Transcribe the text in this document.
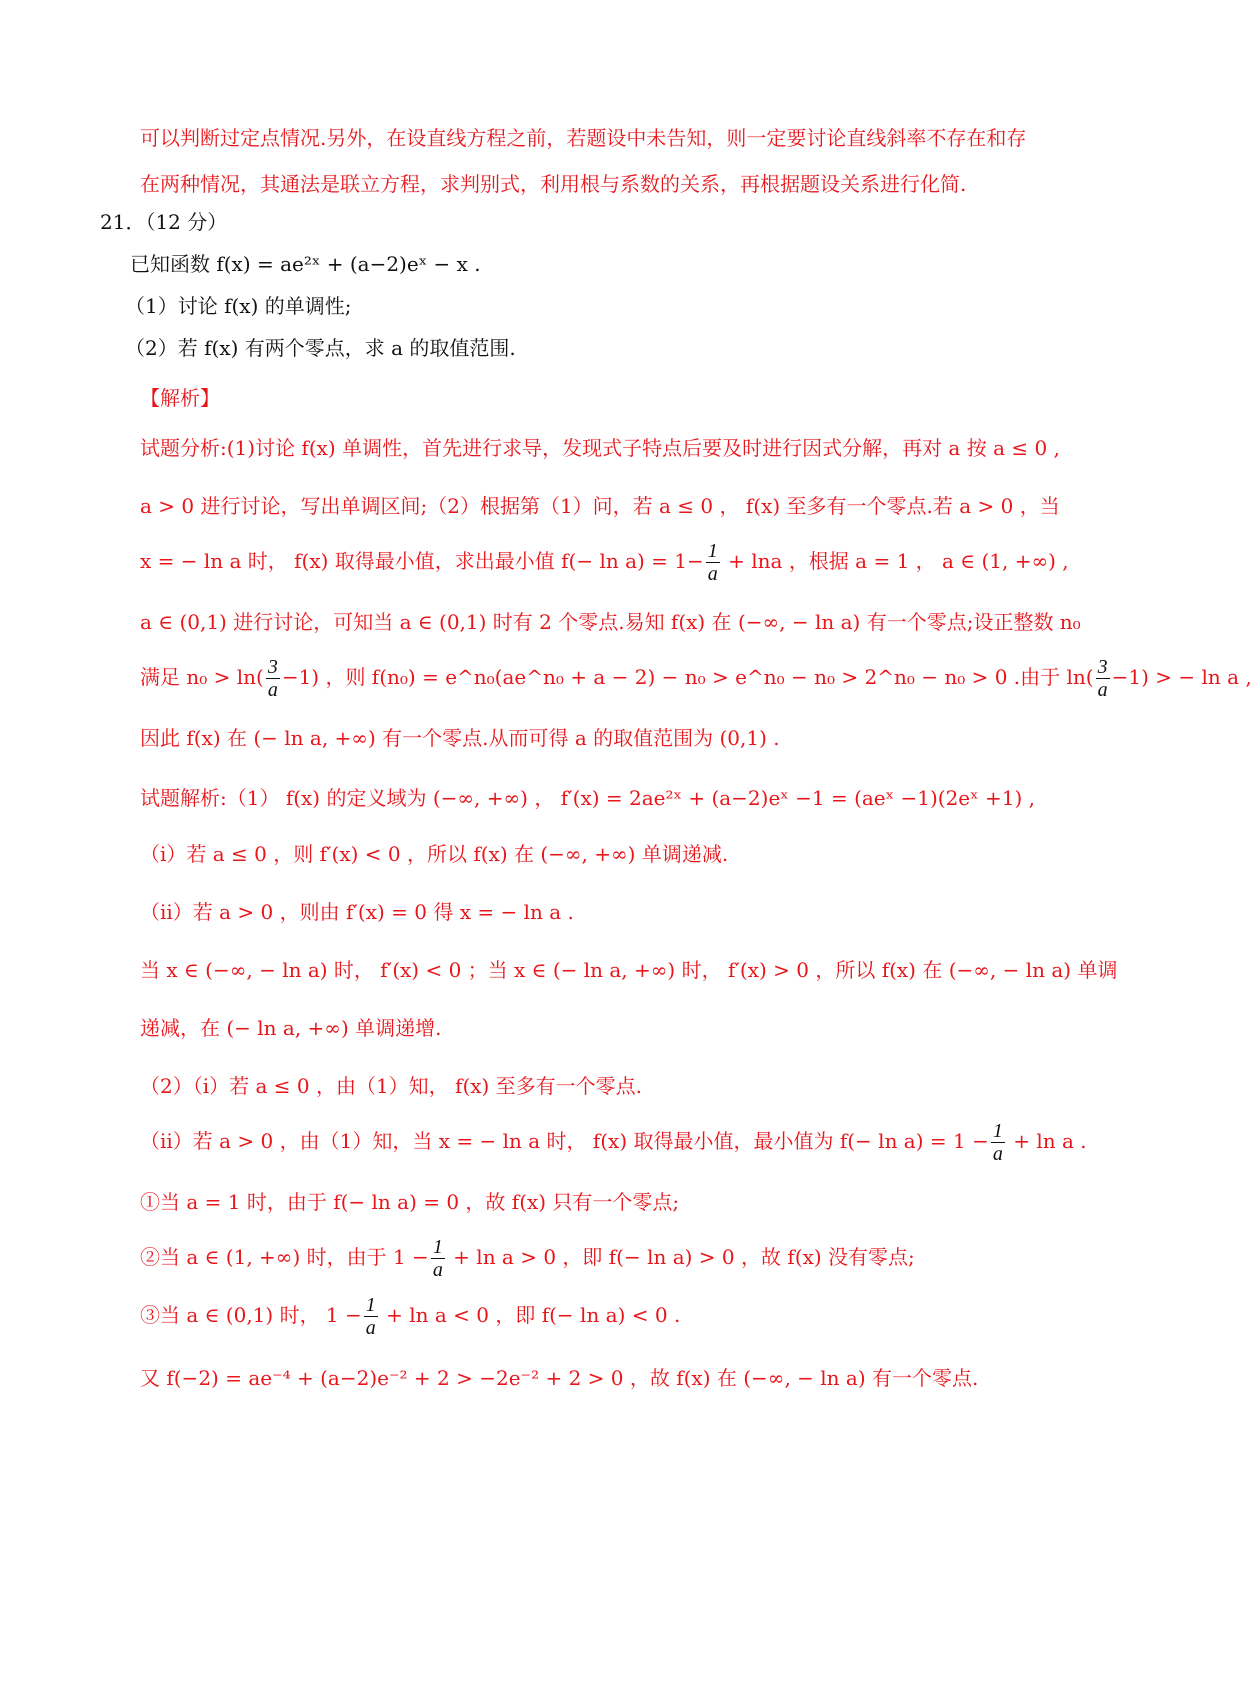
可以判断过定点情况.另外，在设直线方程之前，若题设中未告知，则一定要讨论直线斜率不存在和存
在两种情况，其通法是联立方程，求判别式，利用根与系数的关系，再根据题设关系进行化简.
21．（12 分）
已知函数 f(x) = ae²ˣ + (a−2)eˣ − x .
（1）讨论 f(x) 的单调性;
（2）若 f(x) 有两个零点，求 a 的取值范围.
【解析】
试题分析:(1)讨论 f(x) 单调性，首先进行求导，发现式子特点后要及时进行因式分解，再对 a 按 a ≤ 0 ,
a > 0 进行讨论，写出单调区间;（2）根据第（1）问，若 a ≤ 0 ， f(x) 至多有一个零点.若 a > 0 ，当
x = − ln a 时， f(x) 取得最小值，求出最小值 $f(- \ln a) = 1- \frac{1}{a} + \ln a$ ，根据 a = 1 ， a ∈ (1, +∞) ,
a ∈ (0,1) 进行讨论，可知当 a ∈ (0,1) 时有 2 个零点.易知 f(x) 在 (−∞, − ln a) 有一个零点;设正整数 n₀
满足 $n_0 > \ln( \frac{3}{a} -1)$ ，则 f(n₀) = e^n₀(ae^n₀ + a − 2) − n₀ > e^n₀ − n₀ > 2^n₀ − n₀ > 0 .由于 $\ln( \frac{3}{a} -1)$ > − ln a ,
因此 f(x) 在 (− ln a, +∞) 有一个零点.从而可得 a 的取值范围为 (0,1) .
试题解析:（1） f(x) 的定义域为 (−∞, +∞) ， f′(x) = 2ae²ˣ + (a−2)eˣ −1 = (aeˣ −1)(2eˣ +1) ,
（ⅰ）若 a ≤ 0 ，则 f′(x) < 0 ，所以 f(x) 在 (−∞, +∞) 单调递减.
（ⅱ）若 a > 0 ，则由 f′(x) = 0 得 x = − ln a .
当 x ∈ (−∞, − ln a) 时， f′(x) < 0 ；当 x ∈ (− ln a, +∞) 时， f′(x) > 0 ，所以 f(x) 在 (−∞, − ln a) 单调
递减，在 (− ln a, +∞) 单调递增.
（2）（ⅰ）若 a ≤ 0 ，由（1）知， f(x) 至多有一个零点.
（ⅱ）若 a > 0 ，由（1）知，当 x = − ln a 时， f(x) 取得最小值，最小值为 $f(- \ln a) = 1 - \frac{1}{a} + \ln a$ .
①当 a = 1 时，由于 f(− ln a) = 0 ，故 f(x) 只有一个零点;
②当 a ∈ (1, +∞) 时，由于 $1 - \frac{1}{a} + \ln a > 0$ ，即 f(− ln a) > 0 ，故 f(x) 没有零点;
③当 a ∈ (0,1) 时， $1 - \frac{1}{a} + \ln a < 0$ ，即 f(− ln a) < 0 .
又 f(−2) = ae⁻⁴ + (a−2)e⁻² + 2 > −2e⁻² + 2 > 0 ，故 f(x) 在 (−∞, − ln a) 有一个零点.
